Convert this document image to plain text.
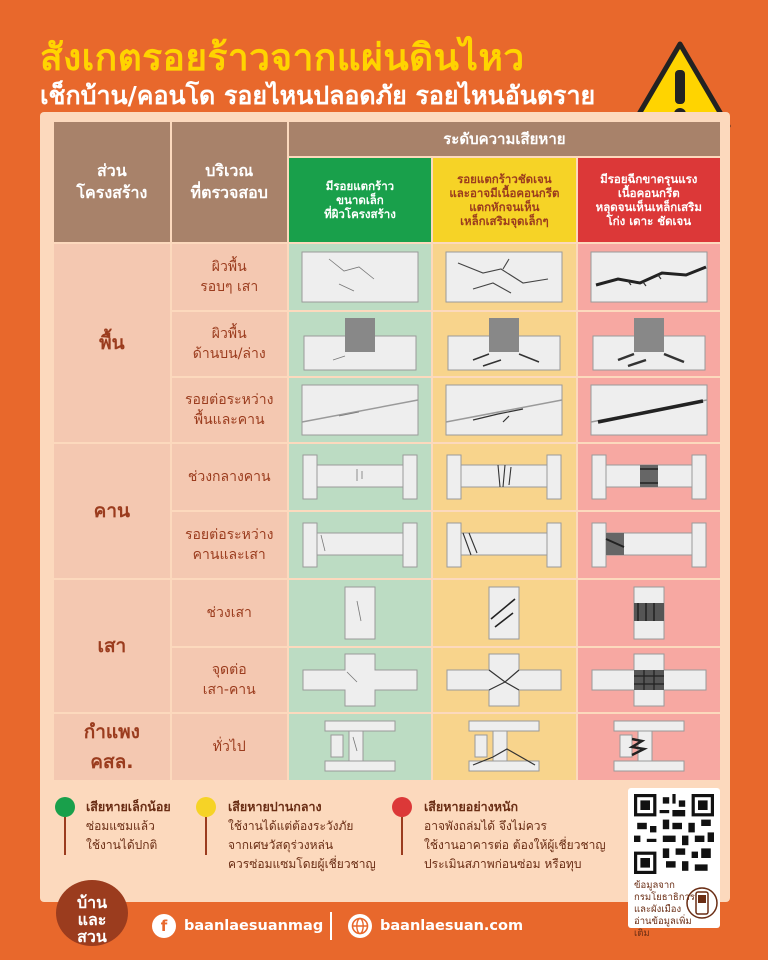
สังเกตรอยร้าวจากแผ่นดินไหว
เช็กบ้าน/คอนโด รอยไหนปลอดภัย รอยไหนอันตราย
ส่วน
โครงสร้าง	บริเวณ
ที่ตรวจสอบ	ระดับความเสียหาย		
		มีรอยแตกร้าว
ขนาดเล็ก
ที่ผิวโครงสร้าง	รอยแตกร้าวชัดเจน
และอาจมีเนื้อคอนกรีต
แตกหักจนเห็น
เหล็กเสริมจุดเล็กๆ	มีรอยฉีกขาดรุนแรง
เนื้อคอนกรีต
หลุดจนเห็นเหล็กเสริม
โก่ง เดาะ ชัดเจน
พื้น	ผิวพื้น
รอบๆ เสา	

	ผิวพื้น
ด้านบน/ล่าง	

	รอยต่อระหว่าง
พื้นและคาน	

คาน	ช่วงกลางคาน	

	รอยต่อระหว่าง
คานและเสา	

เสา	ช่วงเสา	

	จุดต่อ
เสา-คาน	

กำแพง
คสล.	ทั่วไป	

เสียหายเล็กน้อย
ซ่อมแซมแล้ว
ใช้งานได้ปกติ
เสียหายปานกลาง
ใช้งานได้แต่ต้องระวังภัย
จากเศษวัสดุร่วงหล่น
ควรซ่อมแซมโดยผู้เชี่ยวชาญ
เสียหายอย่างหนัก
อาจพังถล่มได้ จึงไม่ควร
ใช้งานอาคารต่อ ต้องให้ผู้เชี่ยวชาญ
ประเมินสภาพก่อนซ่อม หรือทุบ
ข้อมูลจาก
กรมโยธาธิการ
และผังเมือง
อ่านข้อมูลเพิ่มเติม
บ้าน
และ
สวน
f	baanlaesuanmag	baanlaesuan.com
